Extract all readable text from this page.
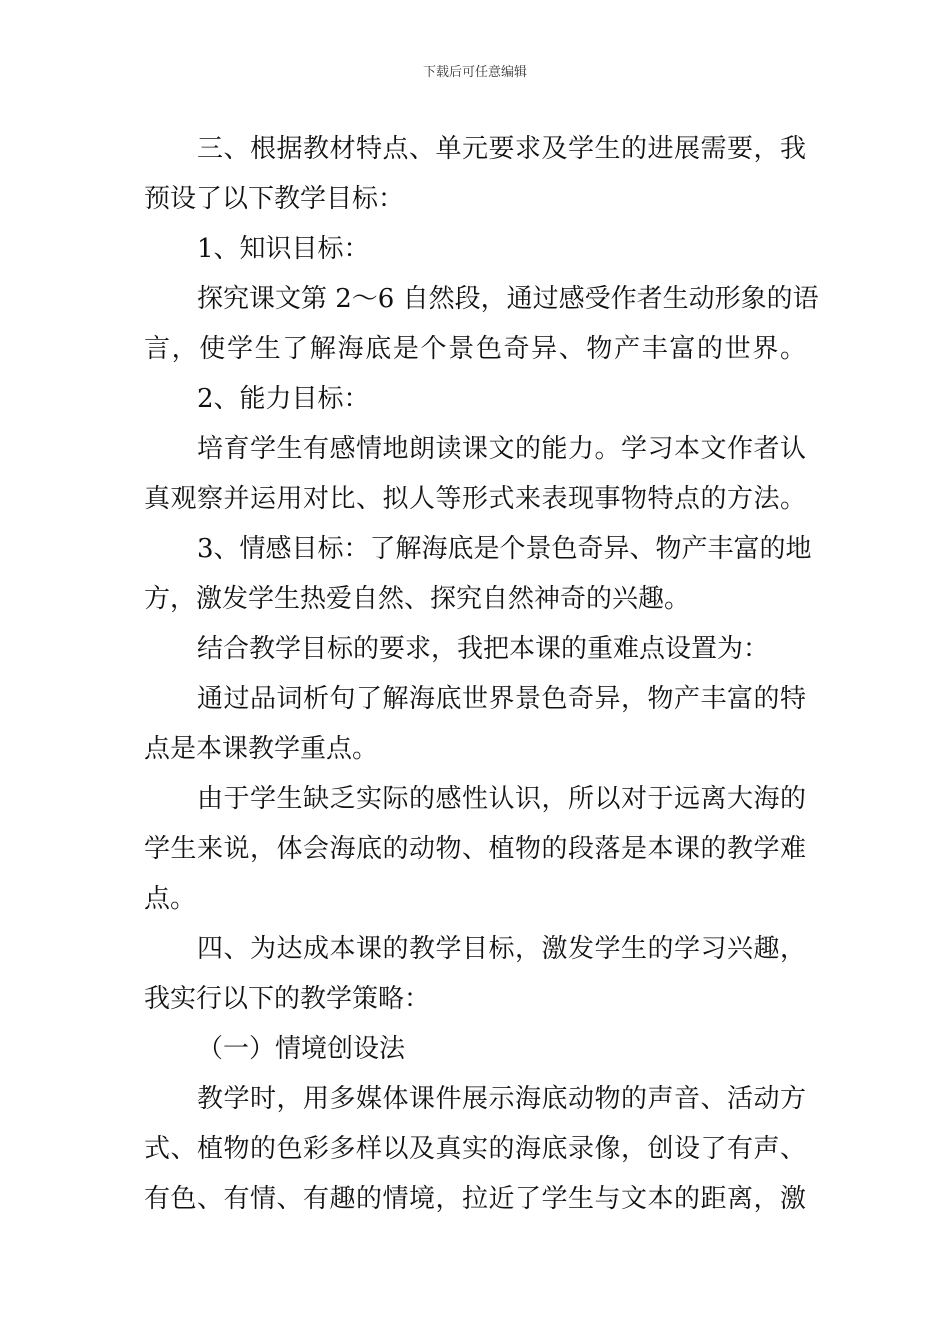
下载后可任意编辑
三、根据教材特点、单元要求及学生的进展需要，我
预设了以下教学目标：
1、知识目标：
探究课文第 2～6 自然段，通过感受作者生动形象的语
言，使学生了解海底是个景色奇异、物产丰富的世界。
2、能力目标：
培育学生有感情地朗读课文的能力。学习本文作者认
真观察并运用对比、拟人等形式来表现事物特点的方法。
3、情感目标：了解海底是个景色奇异、物产丰富的地
方，激发学生热爱自然、探究自然神奇的兴趣。
结合教学目标的要求，我把本课的重难点设置为：
通过品词析句了解海底世界景色奇异，物产丰富的特
点是本课教学重点。
由于学生缺乏实际的感性认识，所以对于远离大海的
学生来说，体会海底的动物、植物的段落是本课的教学难
点。
四、为达成本课的教学目标，激发学生的学习兴趣，
我实行以下的教学策略：
（一）情境创设法
教学时，用多媒体课件展示海底动物的声音、活动方
式、植物的色彩多样以及真实的海底录像，创设了有声、
有色、有情、有趣的情境，拉近了学生与文本的距离，激
